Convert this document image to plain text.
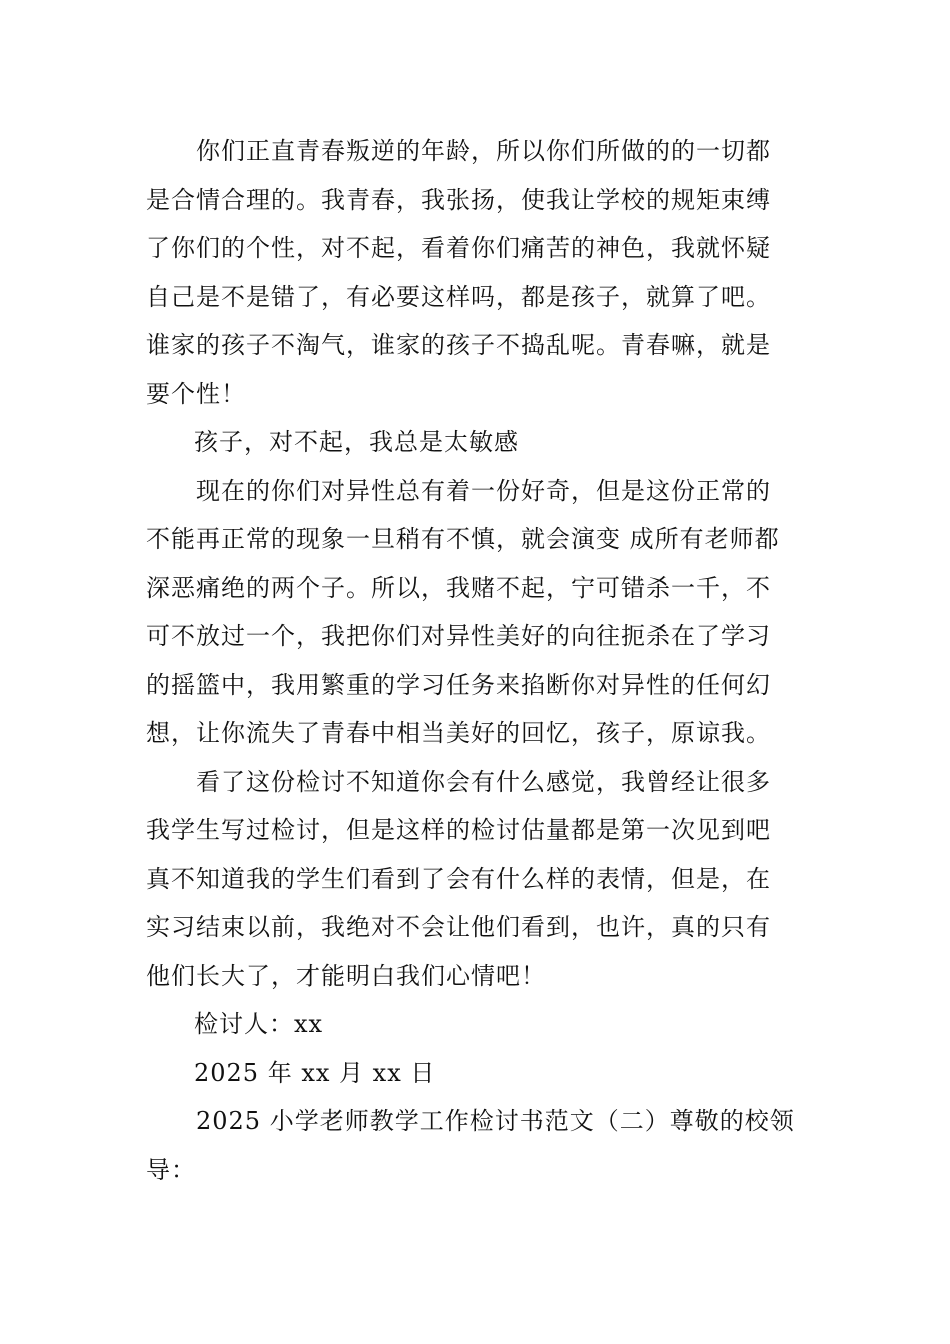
你们正直青春叛逆的年龄，所以你们所做的的一切都
是合情合理的。我青春，我张扬，使我让学校的规矩束缚
了你们的个性，对不起，看着你们痛苦的神色，我就怀疑
自己是不是错了，有必要这样吗，都是孩子，就算了吧。
谁家的孩子不淘气，谁家的孩子不捣乱呢。青春嘛，就是
要个性！
孩子，对不起，我总是太敏感
现在的你们对异性总有着一份好奇，但是这份正常的
不能再正常的现象一旦稍有不慎，就会演变 成所有老师都
深恶痛绝的两个子。所以，我赌不起，宁可错杀一千，不
可不放过一个，我把你们对异性美好的向往扼杀在了学习
的摇篮中，我用繁重的学习任务来掐断你对异性的任何幻
想，让你流失了青春中相当美好的回忆，孩子，原谅我。
看了这份检讨不知道你会有什么感觉，我曾经让很多
我学生写过检讨，但是这样的检讨估量都是第一次见到吧
真不知道我的学生们看到了会有什么样的表情，但是，在
实习结束以前，我绝对不会让他们看到，也许，真的只有
他们长大了，才能明白我们心情吧！
检讨人：xx
2025 年 xx 月 xx 日
2025 小学老师教学工作检讨书范文（二）尊敬的校领
导：
